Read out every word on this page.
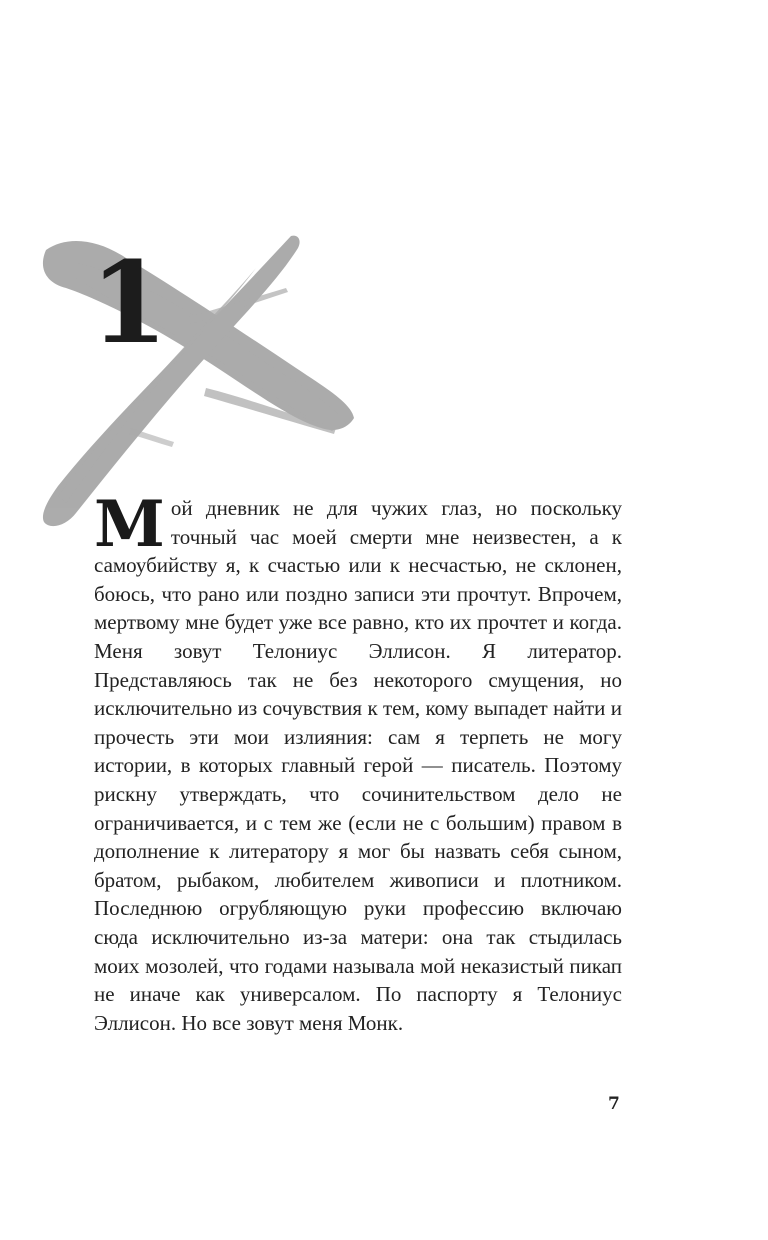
1

Мой дневник не для чужих глаз, но поскольку точный час моей смерти мне неизвестен, а к самоубийству я, к счастью или к несчастью, не склонен, боюсь, что рано или поздно записи эти прочтут. Впрочем, мертвому мне будет уже все равно, кто их прочтет и когда. Меня зовут Телониус Эллисон. Я литератор. Представляюсь так не без некоторого смущения, но исключительно из сочувствия к тем, кому выпадет найти и прочесть эти мои излияния: сам я терпеть не могу истории, в которых главный герой — писатель. Поэтому рискну утверждать, что сочинительством дело не ограничивается, и с тем же (если не с большим) правом в дополнение к литератору я мог бы назвать себя сыном, братом, рыбаком, любителем живописи и плотником. Последнюю огрубляющую руки профессию включаю сюда исключительно из-за матери: она так стыдилась моих мозолей, что годами называла мой неказистый пикап не иначе как универсалом. По паспорту я Телониус Эллисон. Но все зовут меня Монк.

7
